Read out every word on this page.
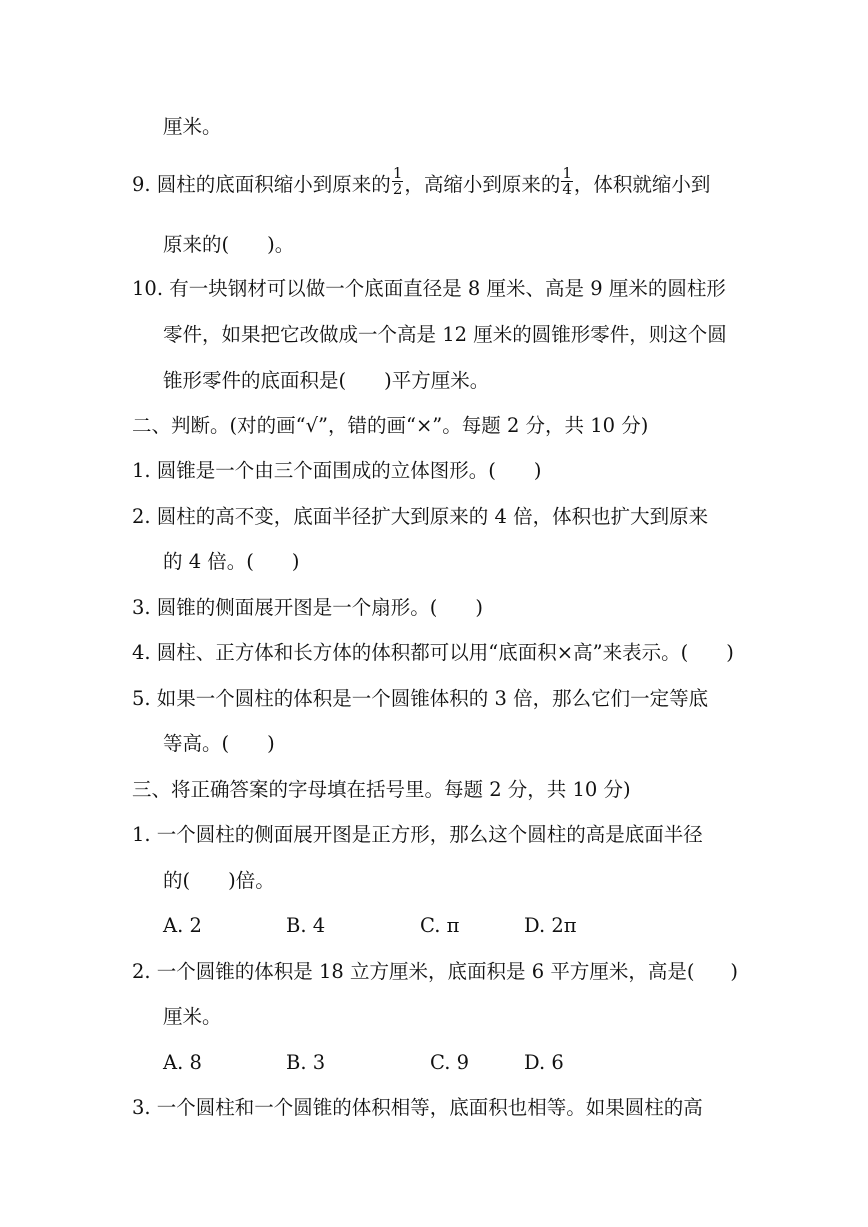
厘米。
9. 圆柱的底面积缩小到原来的 $\frac{1}{2}$ ，高缩小到原来的 $\frac{1}{4}$ ，体积就缩小到
原来的( )。
10. 有一块钢材可以做一个底面直径是 8 厘米、高是 9 厘米的圆柱形
零件，如果把它改做成一个高是 12 厘米的圆锥形零件，则这个圆
锥形零件的底面积是( )平方厘米。
二、判断。(对的画“√”，错的画“×”。每题 2 分，共 10 分)
1. 圆锥是一个由三个面围成的立体图形。( )
2. 圆柱的高不变，底面半径扩大到原来的 4 倍，体积也扩大到原来
的 4 倍。( )
3. 圆锥的侧面展开图是一个扇形。( )
4. 圆柱、正方体和长方体的体积都可以用“底面积×高”来表示。( )
5. 如果一个圆柱的体积是一个圆锥体积的 3 倍，那么它们一定等底
等高。( )
三、将正确答案的字母填在括号里。每题 2 分，共 10 分)
1. 一个圆柱的侧面展开图是正方形，那么这个圆柱的高是底面半径
的( )倍。
A. 2	B. 4	C. π	D. 2π
2. 一个圆锥的体积是 18 立方厘米，底面积是 6 平方厘米，高是( )
厘米。
A. 8	B. 3	C. 9	D. 6
3. 一个圆柱和一个圆锥的体积相等，底面积也相等。如果圆柱的高
